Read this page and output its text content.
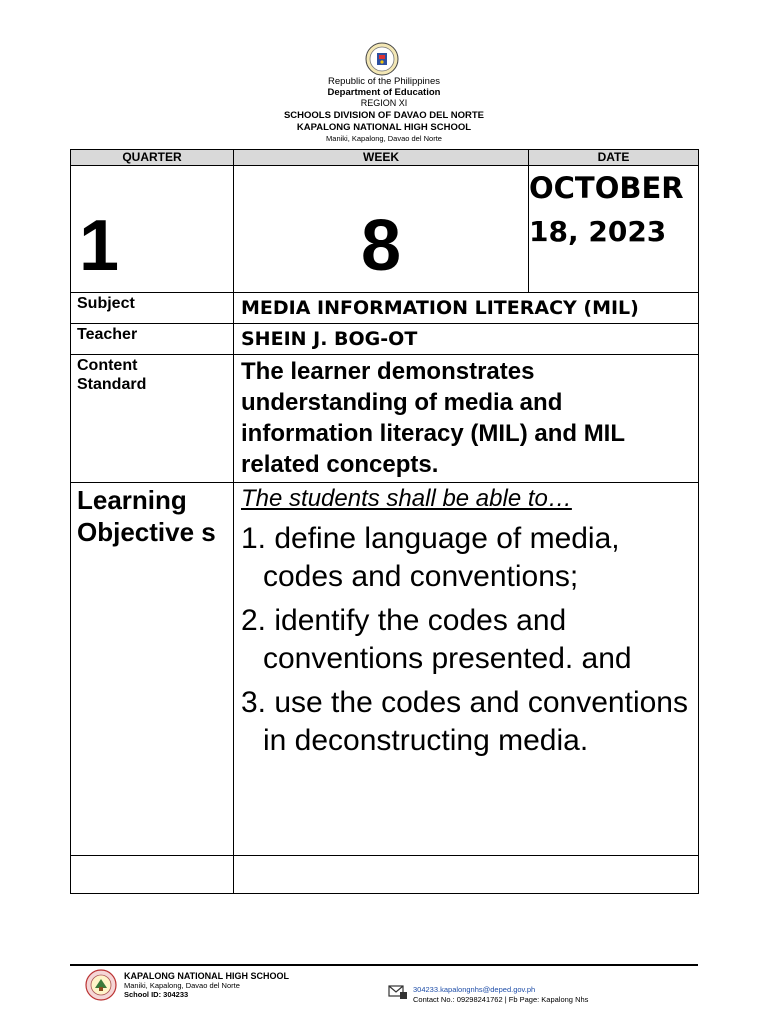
Republic of the Philippines
Department of Education
REGION XI
SCHOOLS DIVISION OF DAVAO DEL NORTE
KAPALONG NATIONAL HIGH SCHOOL
Maniki, Kapalong, Davao del Norte
QUARTER	WEEK	DATE

1	8	OCTOBER
18, 2023

Subject	MEDIA INFORMATION LITERACY (MIL)	
Teacher	SHEIN J. BOG-OT	

Content
Standard	The learner demonstrates understanding of media and information literacy (MIL) and MIL related concepts.	
Learning Objective s	The students shall be able to…
1. define language of media, codes and conventions;
2. identify the codes and conventions presented. and
3. use the codes and conventions in deconstructing media.	

KAPALONG NATIONAL HIGH SCHOOL
Maniki, Kapalong, Davao del Norte
School ID: 304233
304233.kapalongnhs@deped.gov.ph
Contact No.: 09298241762 | Fb Page: Kapalong Nhs
